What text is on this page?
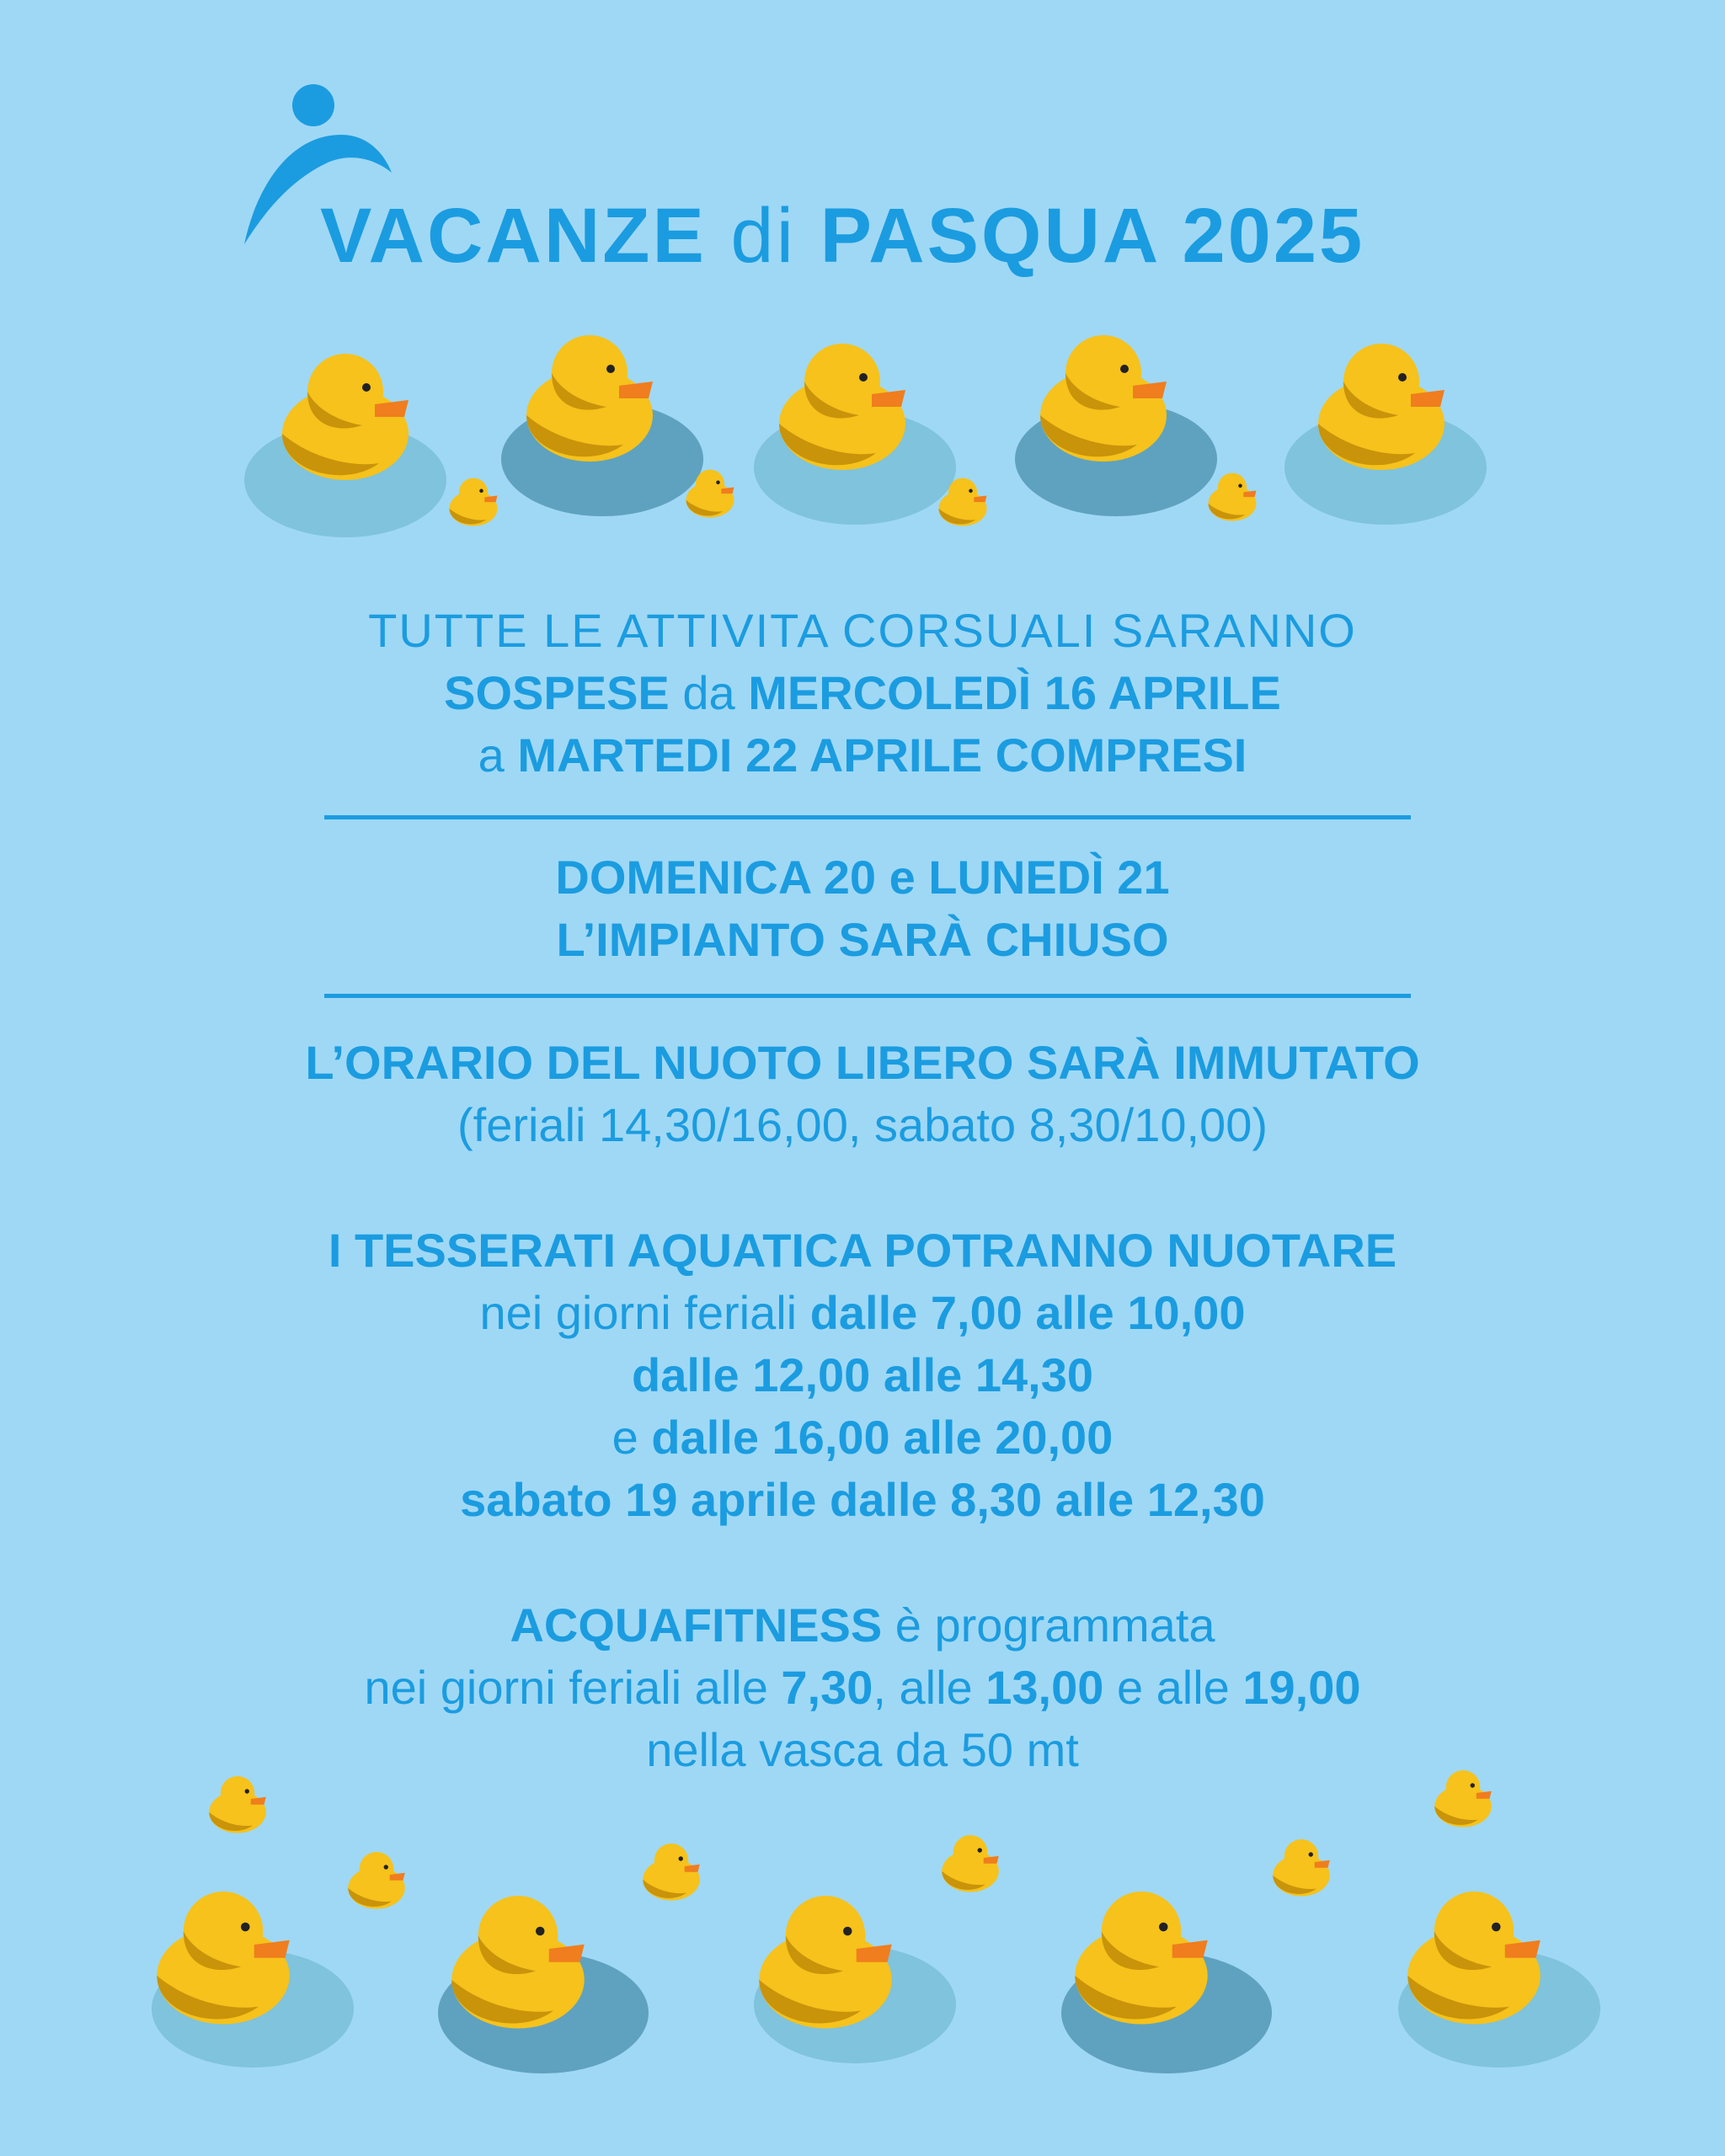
VACANZE di PASQUA 2025
TUTTE LE ATTIVITA CORSUALI SARANNO
SOSPESE da MERCOLEDÌ 16 APRILE
a MARTEDI 22 APRILE COMPRESI
DOMENICA 20 e LUNEDÌ 21
L’IMPIANTO SARÀ CHIUSO
L’ORARIO DEL NUOTO LIBERO SARÀ IMMUTATO
(feriali 14,30/16,00, sabato 8,30/10,00)
I TESSERATI AQUATICA POTRANNO NUOTARE
nei giorni feriali dalle 7,00 alle 10,00
dalle 12,00 alle 14,30
e dalle 16,00 alle 20,00
sabato 19 aprile dalle 8,30 alle 12,30
ACQUAFITNESS è programmata
nei giorni feriali alle 7,30, alle 13,00 e alle 19,00
nella vasca da 50 mt
